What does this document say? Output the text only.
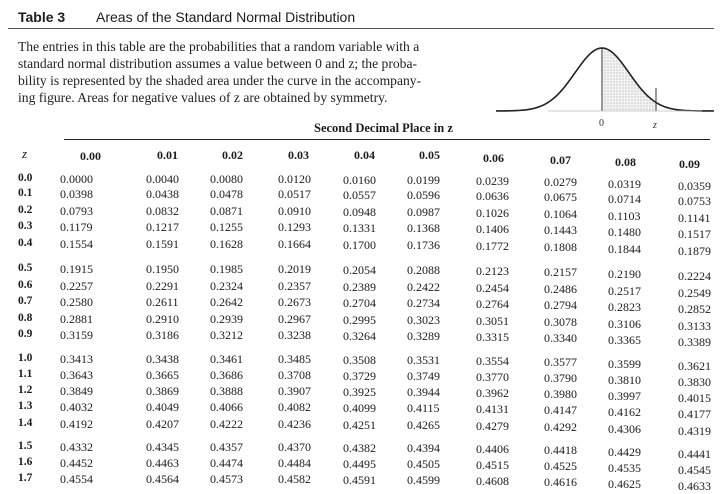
Table 3 Areas of the Standard Normal Distribution
The entries in this table are the probabilities that a random variable with a
standard normal distribution assumes a value between 0 and z; the proba-
bility is represented by the shaded area under the curve in the accompany-
ing figure. Areas for negative values of z are obtained by symmetry.
0	z
Second Decimal Place in z
z	0.00	0.01	0.02	0.03	0.04	0.05	0.06	0.07	0.08	0.09
0.0 0.0000	0.0040	0.0080	0.0120	0.0160	0.0199	0.0239	0.0279	0.0319	0.0359
0.1 0.0398	0.0438	0.0478	0.0517	0.0557	0.0596	0.0636	0.0675	0.0714	0.0753
0.2 0.0793	0.0832	0.0871	0.0910	0.0948	0.0987	0.1026	0.1064	0.1103	0.1141
0.3 0.1179	0.1217	0.1255	0.1293	0.1331	0.1368	0.1406	0.1443	0.1480	0.1517
0.4 0.1554	0.1591	0.1628	0.1664	0.1700	0.1736	0.1772	0.1808	0.1844	0.1879
0.5 0.1915	0.1950	0.1985	0.2019	0.2054	0.2088	0.2123	0.2157	0.2190	0.2224
0.6 0.2257	0.2291	0.2324	0.2357	0.2389	0.2422	0.2454	0.2486	0.2517	0.2549
0.7 0.2580	0.2611	0.2642	0.2673	0.2704	0.2734	0.2764	0.2794	0.2823	0.2852
0.8 0.2881	0.2910	0.2939	0.2967	0.2995	0.3023	0.3051	0.3078	0.3106	0.3133
0.9 0.3159	0.3186	0.3212	0.3238	0.3264	0.3289	0.3315	0.3340	0.3365	0.3389
1.0 0.3413	0.3438	0.3461	0.3485	0.3508	0.3531	0.3554	0.3577	0.3599	0.3621
1.1 0.3643	0.3665	0.3686	0.3708	0.3729	0.3749	0.3770	0.3790	0.3810	0.3830
1.2 0.3849	0.3869	0.3888	0.3907	0.3925	0.3944	0.3962	0.3980	0.3997	0.4015
1.3 0.4032	0.4049	0.4066	0.4082	0.4099	0.4115	0.4131	0.4147	0.4162	0.4177
1.4 0.4192	0.4207	0.4222	0.4236	0.4251	0.4265	0.4279	0.4292	0.4306	0.4319
1.5 0.4332	0.4345	0.4357	0.4370	0.4382	0.4394	0.4406	0.4418	0.4429	0.4441
1.6 0.4452	0.4463	0.4474	0.4484	0.4495	0.4505	0.4515	0.4525	0.4535	0.4545
1.7 0.4554	0.4564	0.4573	0.4582	0.4591	0.4599	0.4608	0.4616	0.4625	0.4633
